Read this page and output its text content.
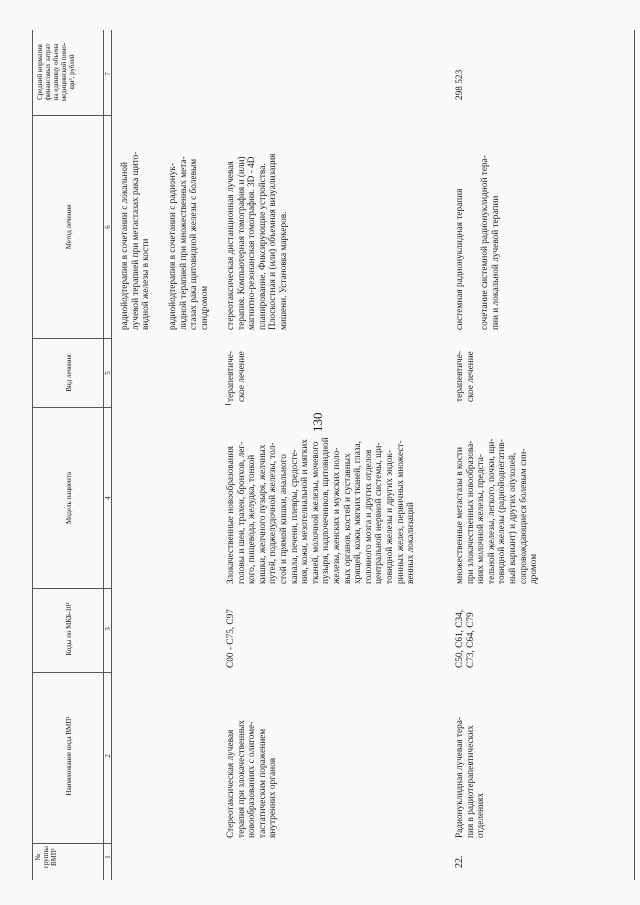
130
№
группы
ВМП¹
Наименование вида ВМП¹
Коды по МКБ-10²
Модель пациента
Вид лечения
Метод лечения
Средний норматив
финансовых затрат
на единицу объема
медицинской помо-
щи³, рублей
1
2
3
4
5
6
7
радиойодтерапия в сочетании с локальной
лучевой терапией при метастазах рака щито-
видной железы в кости
радиойодтерапия в сочетании с радионук-
лидной терапией при множественных мета-
стазах рака щитовидной железы с болевым
синдромом
Стереотаксическая лучевая
терапия при злокачественных
новообразованиях с олигоме-
тастатическим поражением
внутренних органов
C00 - C75, C97
Злокачественные новообразования
головы и шеи, трахеи, бронхов, лег-
кого, пищевода, желудка, тонкой
кишки, желчного пузыря, желчных
путей, поджелудочной железы, тол-
стой и прямой кишки, анального
канала, печени, плевры, средосте-
ния, кожи, мезотелиальной и мягких
тканей, молочной железы, мочевого
пузыря, надпочечников, щитовидной
железы, женских и мужских поло-
вых органов, костей и суставных
хрящей, кожи, мягких тканей, глаза,
головного мозга и других отделов
центральной нервной системы, щи-
товидной железы и других эндок-
ринных желез, первичных множест-
венных локализаций
терапевтиче-
ское лечение
стереотаксическая дистанционная лучевая
терапия. Компьютерная томография и (или)
магнитно-резонансная томография. 3D - 4D
планирование. Фиксирующие устройства.
Плоскостная и (или) объемная визуализация
мишени. Установка маркеров.
22.
Радионуклидная лучевая тера-
пия в радиотерапевтических
отделениях
C50, C61, C34,
C73, C64, C79
множественные метастазы в кости
при злокачественных новообразова-
ниях молочной железы, предста-
тельной железы, легкого, почки, щи-
товидной железы (радиойоднегатив-
ный вариант) и других опухолей,
сопровождающиеся болевым син-
дромом
терапевтиче-
ское лечение
системная радионуклидная терапия сочетание системной радионуклидной тера-
пии и локальной лучевой терапии
298 523
